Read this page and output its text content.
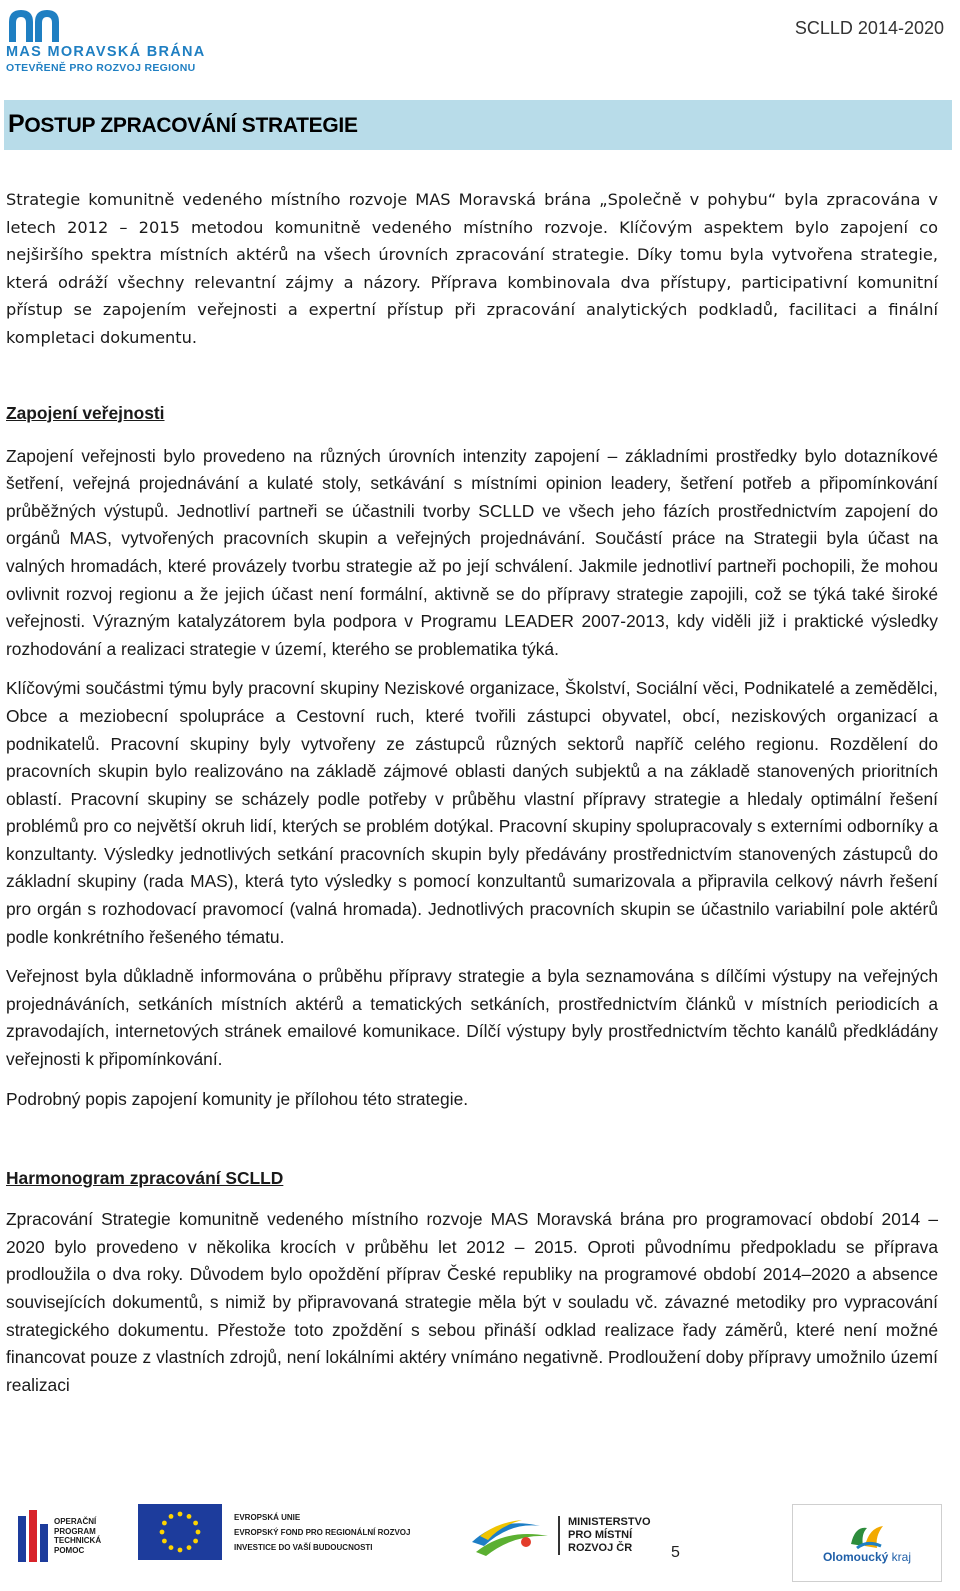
MAS MORAVSKÁ BRÁNA
OTEVŘENĚ PRO ROZVOJ REGIONU
SCLLD 2014-2020
POSTUP ZPRACOVÁNÍ STRATEGIE

Strategie komunitně vedeného místního rozvoje MAS Moravská brána „Společně v pohybu“ byla zpracována v letech 2012 – 2015 metodou komunitně vedeného místního rozvoje. Klíčovým aspektem bylo zapojení co nejširšího spektra místních aktérů na všech úrovních zpracování strategie. Díky tomu byla vytvořena strategie, která odráží všechny relevantní zájmy a názory. Příprava kombinovala dva přístupy, participativní komunitní přístup se zapojením veřejnosti a expertní přístup při zpracování analytických podkladů, facilitaci a finální kompletaci dokumentu.

Zapojení veřejnosti

Zapojení veřejnosti bylo provedeno na různých úrovních intenzity zapojení – základními prostředky bylo dotazníkové šetření, veřejná projednávání a kulaté stoly, setkávání s místními opinion leadery, šetření potřeb a připomínkování průběžných výstupů. Jednotliví partneři se účastnili tvorby SCLLD ve všech jeho fázích prostřednictvím zapojení do orgánů MAS, vytvořených pracovních skupin a veřejných projednávání. Součástí práce na Strategii byla účast na valných hromadách, které provázely tvorbu strategie až po její schválení. Jakmile jednotliví partneři pochopili, že mohou ovlivnit rozvoj regionu a že jejich účast není formální, aktivně se do přípravy strategie zapojili, což se týká také široké veřejnosti. Výrazným katalyzátorem byla podpora v Programu LEADER 2007-2013, kdy viděli již i praktické výsledky rozhodování a realizaci strategie v území, kterého se problematika týká.

Klíčovými součástmi týmu byly pracovní skupiny Neziskové organizace, Školství, Sociální věci, Podnikatelé a zemědělci, Obce a meziobecní spolupráce a Cestovní ruch, které tvořili zástupci obyvatel, obcí, neziskových organizací a podnikatelů. Pracovní skupiny byly vytvořeny ze zástupců různých sektorů napříč celého regionu. Rozdělení do pracovních skupin bylo realizováno na základě zájmové oblasti daných subjektů a na základě stanovených prioritních oblastí. Pracovní skupiny se scházely podle potřeby v průběhu vlastní přípravy strategie a hledaly optimální řešení problémů pro co největší okruh lidí, kterých se problém dotýkal. Pracovní skupiny spolupracovaly s externími odborníky a konzultanty. Výsledky jednotlivých setkání pracovních skupin byly předávány prostřednictvím stanovených zástupců do základní skupiny (rada MAS), která tyto výsledky s pomocí konzultantů sumarizovala a připravila celkový návrh řešení pro orgán s rozhodovací pravomocí (valná hromada). Jednotlivých pracovních skupin se účastnilo variabilní pole aktérů podle konkrétního řešeného tématu.

Veřejnost byla důkladně informována o průběhu přípravy strategie a byla seznamována s dílčími výstupy na veřejných projednáváních, setkáních místních aktérů a tematických setkáních, prostřednictvím článků v místních periodicích a zpravodajích, internetových stránek emailové komunikace. Dílčí výstupy byly prostřednictvím těchto kanálů předkládány veřejnosti k připomínkování.

Podrobný popis zapojení komunity je přílohou této strategie.

Harmonogram zpracování SCLLD

Zpracování Strategie komunitně vedeného místního rozvoje MAS Moravská brána pro programovací období 2014 – 2020 bylo provedeno v několika krocích v průběhu let 2012 – 2015. Oproti původnímu předpokladu se příprava prodloužila o dva roky. Důvodem bylo opoždění příprav České republiky na programové období 2014–2020 a absence souvisejících dokumentů, s nimiž by připravovaná strategie měla být v souladu vč. závazné metodiky pro vypracování strategického dokumentu. Přestože toto zpoždění s sebou přináší odklad realizace řady záměrů, které není možné financovat pouze z vlastních zdrojů, není lokálními aktéry vnímáno negativně. Prodloužení doby přípravy umožnilo území realizaci

OPERAČNÍ
PROGRAM
TECHNICKÁ
POMOC
EVROPSKÁ UNIE
EVROPSKÝ FOND PRO REGIONÁLNÍ ROZVOJ
INVESTICE DO VAŠÍ BUDOUCNOSTI
MINISTERSTVO
PRO MÍSTNÍ
ROZVOJ ČR	5	Olomoucký kraj
